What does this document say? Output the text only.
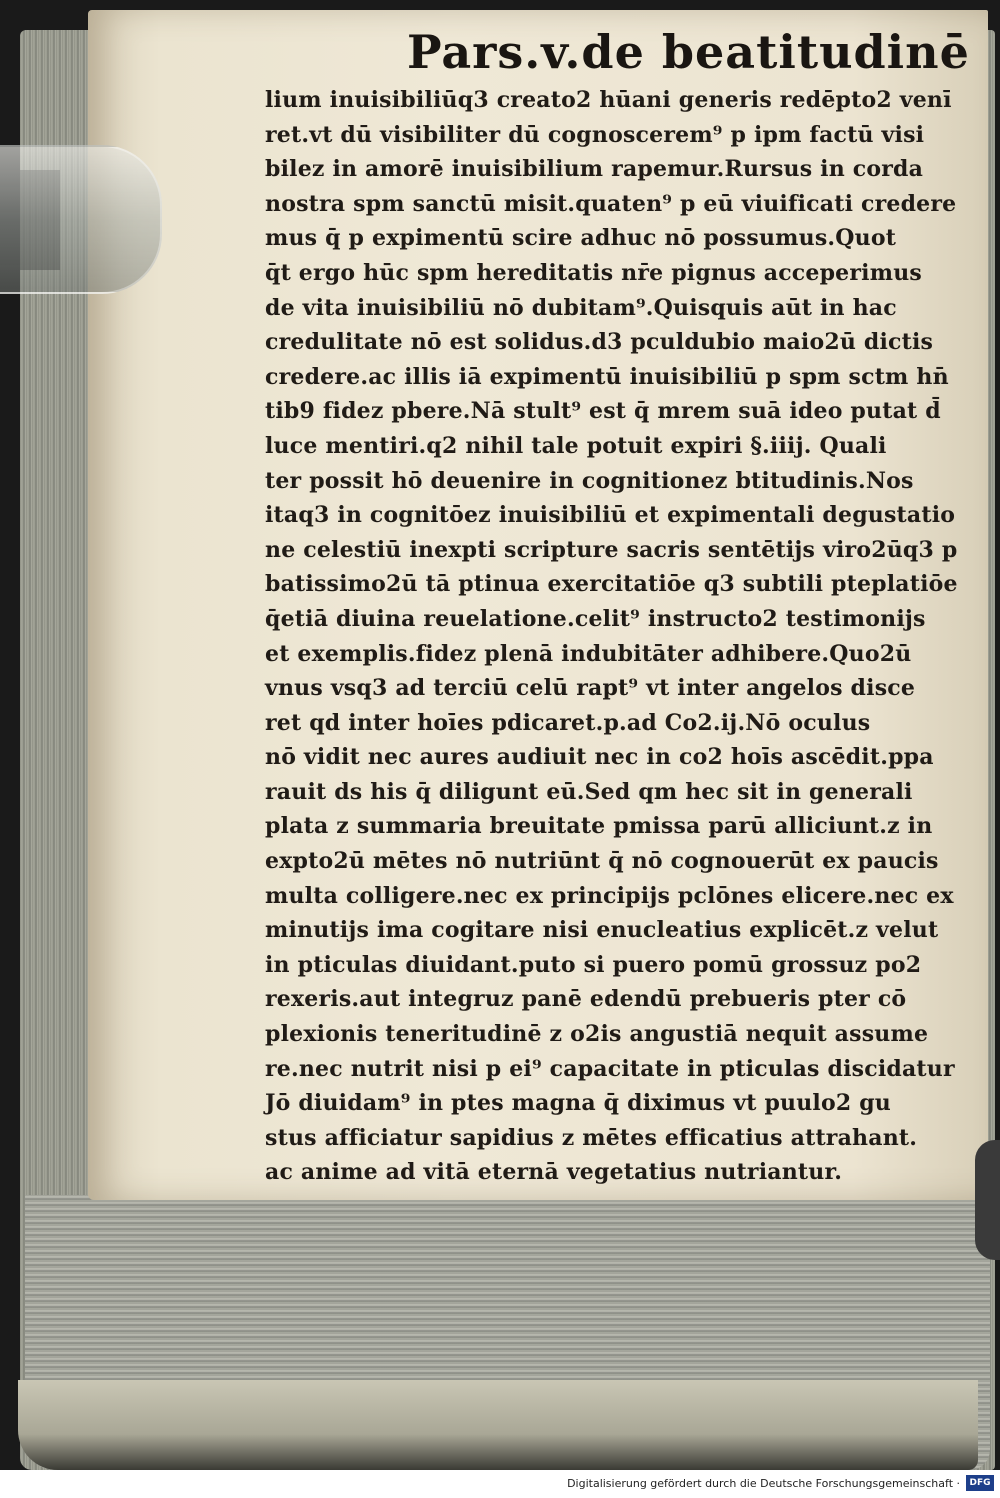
Pars.v.de beatitudinē
lium inuisibiliūq3 creato2 hūani generis redēpto2 venī
ret.vt dū visibiliter dū cognoscerem⁹ p ipm factū visi
bilez in amorē inuisibilium rapemur.Rursus in corda
nostra spm sanctū misit.quaten⁹ p eū viuificati credere
mus q̄ p expimentū scire adhuc nō possumus.Quot
q̄t ergo hūc spm hereditatis nr̄e pignus acceperimus
de vita inuisibiliū nō dubitam⁹.Quisquis aūt in hac
credulitate nō est solidus.d3 pculdubio maio2ū dictis
credere.ac illis iā expimentū inuisibiliū p spm sctm hn̄
tib9 fidez pbere.Nā stult⁹ est q̄ mrem suā ideo putat d̄
luce mentiri.q2 nihil tale potuit expiri §.iiij. Quali
ter possit hō deuenire in cognitionez btitudinis.Nos
itaq3 in cognitōez inuisibiliū et expimentali degustatio
ne celestiū inexpti scripture sacris sentētijs viro2ūq3 p
batissimo2ū tā ptinua exercitatiōe q3 subtili pteplatiōe
q̄etiā diuina reuelatione.celit⁹ instructo2 testimonijs
et exemplis.fidez plenā indubitāter adhibere.Quo2ū
vnus vsq3 ad terciū celū rapt⁹ vt inter angelos disce
ret qd inter hoīes pdicaret.p.ad Co2.ij.Nō oculus
nō vidit nec aures audiuit nec in co2 hoīs ascēdit.ppa
rauit ds his q̄ diligunt eū.Sed qm hec sit in generali
plata z summaria breuitate pmissa parū alliciunt.z in
expto2ū mētes nō nutriūnt q̄ nō cognouerūt ex paucis
multa colligere.nec ex principijs pclōnes elicere.nec ex
minutijs ima cogitare nisi enucleatius explicēt.z velut
in pticulas diuidant.puto si puero pomū grossuz po2
rexeris.aut integruz panē edendū prebueris pter cō
plexionis teneritudinē z o2is angustiā nequit assume
re.nec nutrit nisi p ei⁹ capacitate in pticulas discidatur
Jō diuidam⁹ in ptes magna q̄ diximus vt puulo2 gu
stus afficiatur sapidius z mētes efficatius attrahant.
ac anime ad vitā eternā vegetatius nutriantur.
Digitalisierung gefördert durch die Deutsche Forschungsgemeinschaft ·	DFG
